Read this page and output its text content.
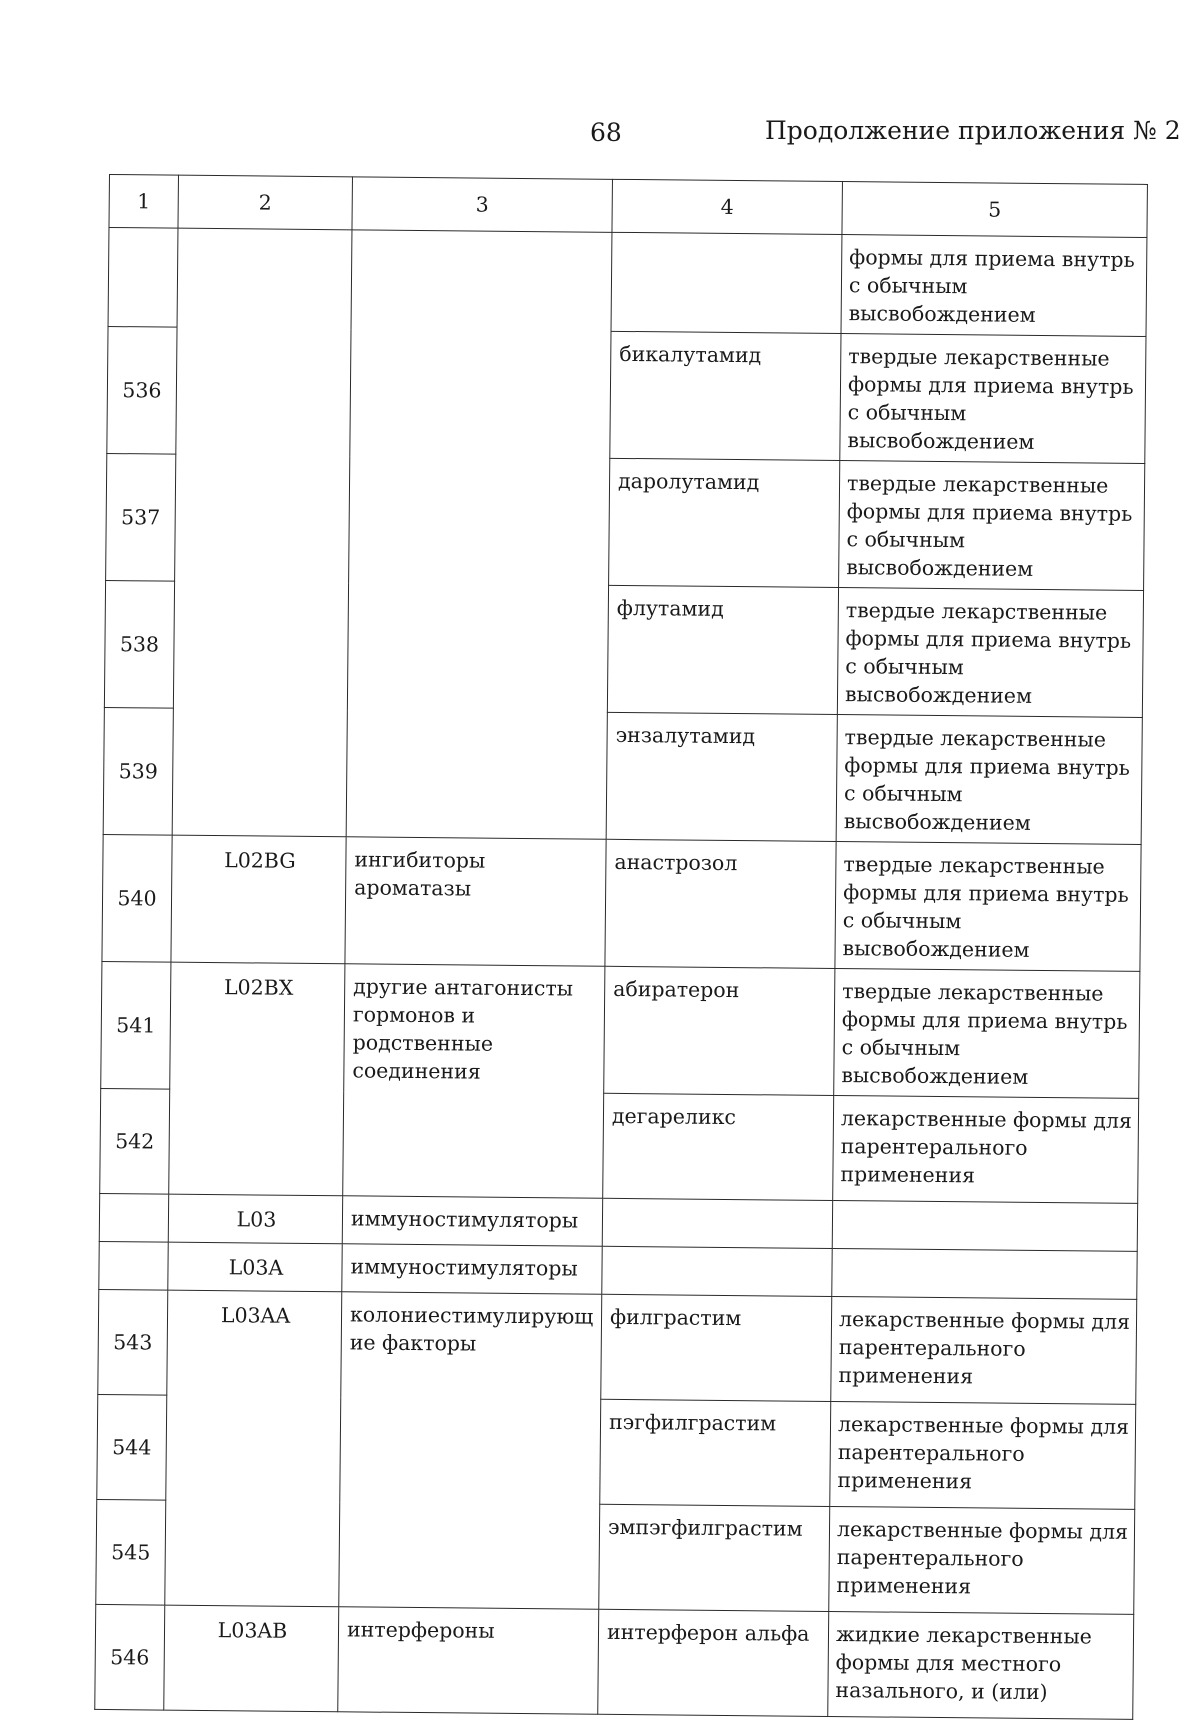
68	Продолжение приложения № 2
1	2	3	4	5
				формы для приема внутрь с обычным высвобождением
536			бикалутамид	твердые лекарственные формы для приема внутрь с обычным высвобождением
537			даролутамид	твердые лекарственные формы для приема внутрь с обычным высвобождением
538			флутамид	твердые лекарственные формы для приема внутрь с обычным высвобождением
539			энзалутамид	твердые лекарственные формы для приема внутрь с обычным высвобождением
540	L02BG	ингибиторы ароматазы	анастрозол	твердые лекарственные формы для приема внутрь с обычным высвобождением
541	L02BX	другие антагонисты гормонов и родственные соединения	абиратерон	твердые лекарственные формы для приема внутрь с обычным высвобождением
542			дегареликс	лекарственные формы для парентерального применения
	L03	иммуностимуляторы		
	L03A	иммуностимуляторы		
543	L03AA	колониестимулирующ ие факторы	филграстим	лекарственные формы для парентерального применения
544			пэгфилграстим	лекарственные формы для парентерального применения
545			эмпэгфилграстим	лекарственные формы для парентерального применения
546	L03AB	интерфероны	интерферон альфа	жидкие лекарственные формы для местного назального, и (или)
